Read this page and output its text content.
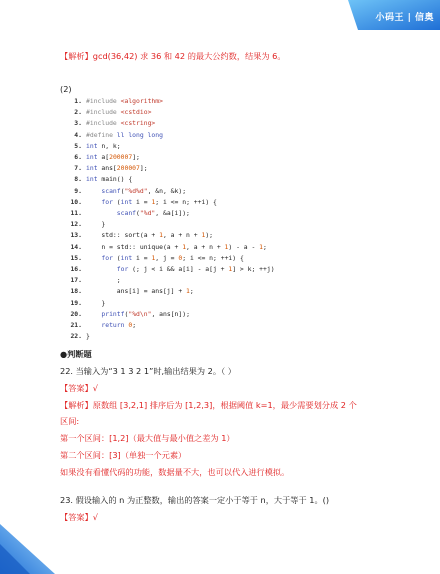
小码王 | 信奥
【解析】gcd(36,42) 求 36 和 42 的最大公约数，结果为 6。
(2)
1. #include <algorithm>
2. #include <cstdio>
3. #include <cstring>
4. #define ll long long
5. int n, k;
6. int a[ 200007 ];
7. int ans[ 200007 ];
8. int main() {
9.
	scanf ( "%d%d" , &n, &k);
10.
	for ( int i = 1 ; i <= n; ++i) {
11.
	scanf ( "%d" , &a[i]);
12. }
13. std:: sort(a + 1 , a + n + 1 );
14. n = std:: unique(a + 1 , a + n + 1 ) - a - 1 ;
15.
	for ( int i = 1 , j = 0 ; i <= n; ++i) {
16.
	for (; j < i && a[i] - a[j + 1 ] > k; ++j)
17. ;
18. ans[i] = ans[j] + 1 ;
19. }
20.
	printf ( "%d\n" , ans[n]);
21.
	return
0 ;
22. }
●判断题
22. 当输入为“3 1 3 2 1”时,输出结果为 2。（ ）
【答案】√
【解析】原数组 [3,2,1] 排序后为 [1,2,3]，根据阈值 k=1，最少需要划分成 2 个
区间:
第一个区间：[1,2]（最大值与最小值之差为 1）
第二个区间：[3]（单独一个元素）
如果没有看懂代码的功能，数据量不大，也可以代入进行模拟。
23. 假设输入的 n 为正整数，输出的答案一定小于等于 n，大于等于 1。()
【答案】√
